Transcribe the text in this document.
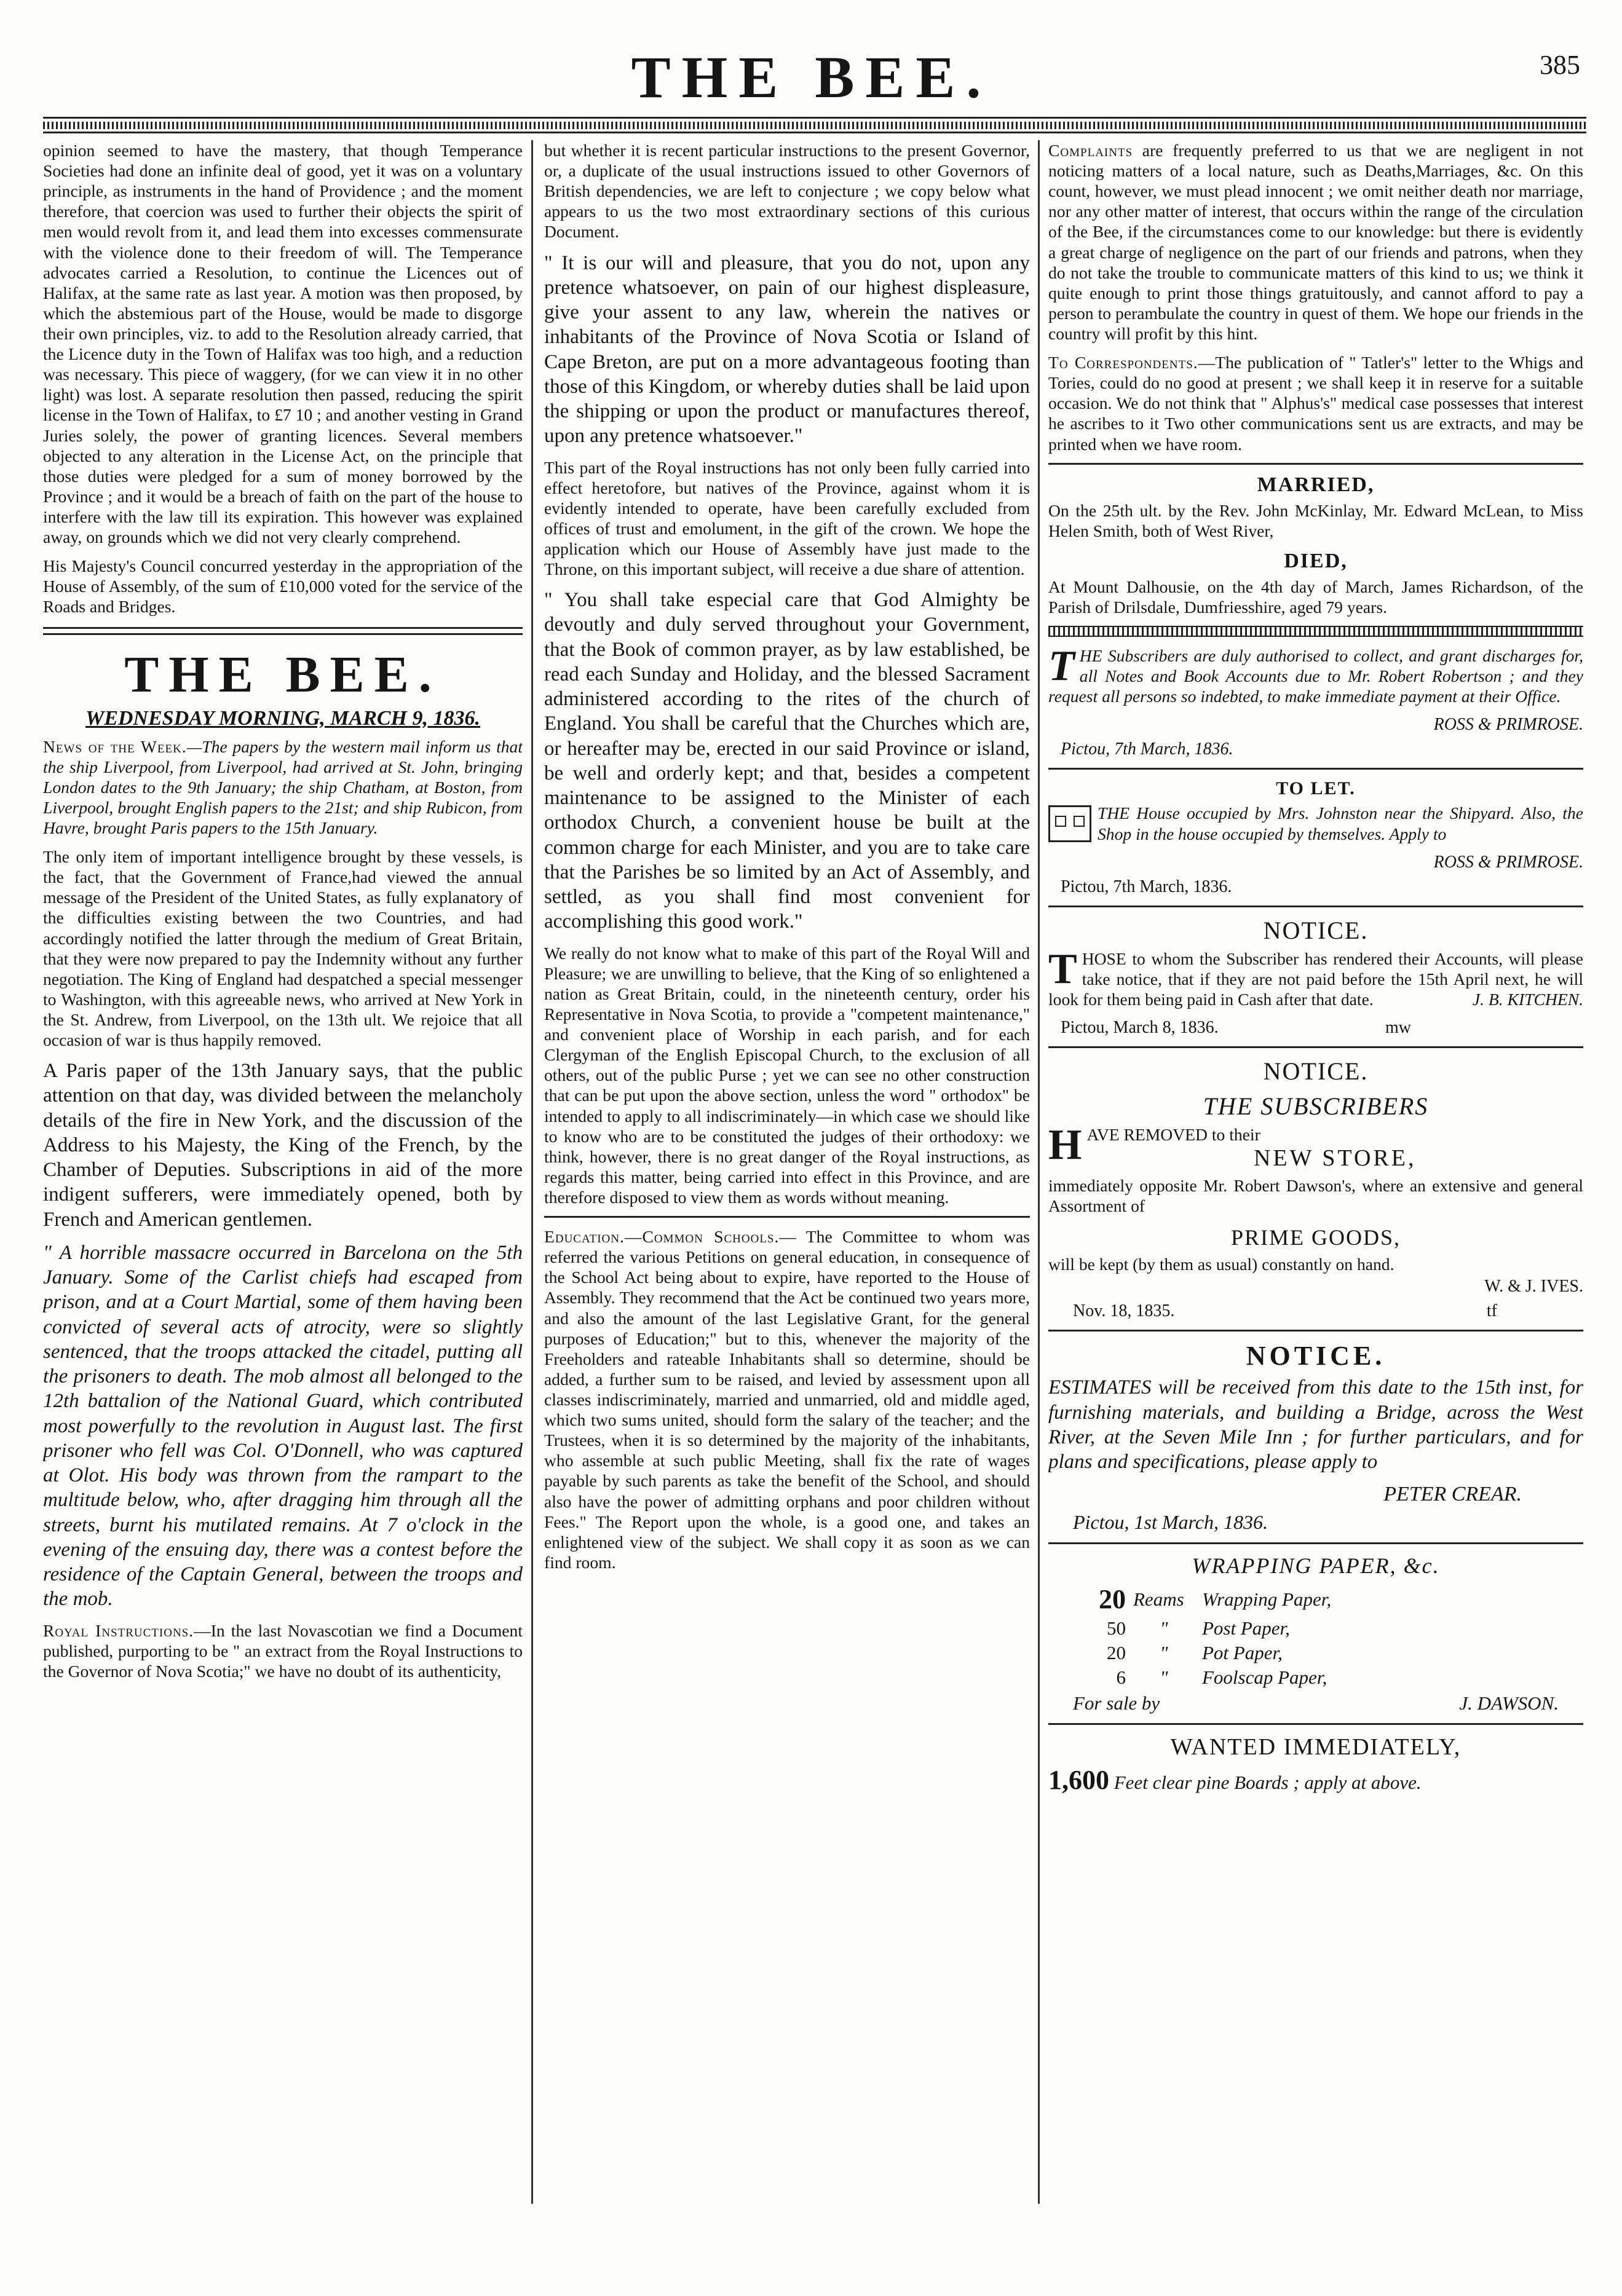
THE BEE.	385

opinion seemed to have the mastery, that though Temperance Societies had done an infinite deal of good, yet it was on a voluntary principle, as instruments in the hand of Providence ; and the moment therefore, that coercion was used to further their objects the spirit of men would revolt from it, and lead them into excesses commensurate with the violence done to their freedom of will. The Temperance advocates carried a Resolution, to continue the Licences out of Halifax, at the same rate as last year. A motion was then proposed, by which the abstemious part of the House, would be made to disgorge their own principles, viz. to add to the Resolution already carried, that the Licence duty in the Town of Halifax was too high, and a reduction was necessary. This piece of waggery, (for we can view it in no other light) was lost. A separate resolution then passed, reducing the spirit license in the Town of Halifax, to £7 10 ; and another vesting in Grand Juries solely, the power of granting licences. Several members objected to any alteration in the License Act, on the principle that those duties were pledged for a sum of money borrowed by the Province ; and it would be a breach of faith on the part of the house to interfere with the law till its expiration. This however was explained away, on grounds which we did not very clearly comprehend.

His Majesty's Council concurred yesterday in the appropriation of the House of Assembly, of the sum of £10,000 voted for the service of the Roads and Bridges.

THE BEE.
WEDNESDAY MORNING, MARCH 9, 1836.

News of the Week.—The papers by the western mail inform us that the ship Liverpool, from Liverpool, had arrived at St. John, bringing London dates to the 9th January; the ship Chatham, at Boston, from Liverpool, brought English papers to the 21st; and ship Rubicon, from Havre, brought Paris papers to the 15th January.

The only item of important intelligence brought by these vessels, is the fact, that the Government of France,had viewed the annual message of the President of the United States, as fully explanatory of the difficulties existing between the two Countries, and had accordingly notified the latter through the medium of Great Britain, that they were now prepared to pay the Indemnity without any further negotiation. The King of England had despatched a special messenger to Washington, with this agreeable news, who arrived at New York in the St. Andrew, from Liverpool, on the 13th ult. We rejoice that all occasion of war is thus happily removed.

A Paris paper of the 13th January says, that the public attention on that day, was divided between the melancholy details of the fire in New York, and the discussion of the Address to his Majesty, the King of the French, by the Chamber of Deputies. Subscriptions in aid of the more indigent sufferers, were immediately opened, both by French and American gentlemen.

" A horrible massacre occurred in Barcelona on the 5th January. Some of the Carlist chiefs had escaped from prison, and at a Court Martial, some of them having been convicted of several acts of atrocity, were so slightly sentenced, that the troops attacked the citadel, putting all the prisoners to death. The mob almost all belonged to the 12th battalion of the National Guard, which contributed most powerfully to the revolution in August last. The first prisoner who fell was Col. O'Donnell, who was captured at Olot. His body was thrown from the rampart to the multitude below, who, after dragging him through all the streets, burnt his mutilated remains. At 7 o'clock in the evening of the ensuing day, there was a contest before the residence of the Captain General, between the troops and the mob.

Royal Instructions.—In the last Novascotian we find a Document published, purporting to be " an extract from the Royal Instructions to the Governor of Nova Scotia;" we have no doubt of its authenticity,

but whether it is recent particular instructions to the present Governor, or, a duplicate of the usual instructions issued to other Governors of British dependencies, we are left to conjecture ; we copy below what appears to us the two most extraordinary sections of this curious Document.

" It is our will and pleasure, that you do not, upon any pretence whatsoever, on pain of our highest displeasure, give your assent to any law, wherein the natives or inhabitants of the Province of Nova Scotia or Island of Cape Breton, are put on a more advantageous footing than those of this Kingdom, or whereby duties shall be laid upon the shipping or upon the product or manufactures thereof, upon any pretence whatsoever."

This part of the Royal instructions has not only been fully carried into effect heretofore, but natives of the Province, against whom it is evidently intended to operate, have been carefully excluded from offices of trust and emolument, in the gift of the crown. We hope the application which our House of Assembly have just made to the Throne, on this important subject, will receive a due share of attention.

" You shall take especial care that God Almighty be devoutly and duly served throughout your Government, that the Book of common prayer, as by law established, be read each Sunday and Holiday, and the blessed Sacrament administered according to the rites of the church of England. You shall be careful that the Churches which are, or hereafter may be, erected in our said Province or island, be well and orderly kept; and that, besides a competent maintenance to be assigned to the Minister of each orthodox Church, a convenient house be built at the common charge for each Minister, and you are to take care that the Parishes be so limited by an Act of Assembly, and settled, as you shall find most convenient for accomplishing this good work."

We really do not know what to make of this part of the Royal Will and Pleasure; we are unwilling to believe, that the King of so enlightened a nation as Great Britain, could, in the nineteenth century, order his Representative in Nova Scotia, to provide a "competent maintenance," and convenient place of Worship in each parish, and for each Clergyman of the English Episcopal Church, to the exclusion of all others, out of the public Purse ; yet we can see no other construction that can be put upon the above section, unless the word " orthodox" be intended to apply to all indiscriminately—in which case we should like to know who are to be constituted the judges of their orthodoxy: we think, however, there is no great danger of the Royal instructions, as regards this matter, being carried into effect in this Province, and are therefore disposed to view them as words without meaning.

Education.—Common Schools.— The Committee to whom was referred the various Petitions on general education, in consequence of the School Act being about to expire, have reported to the House of Assembly. They recommend that the Act be continued two years more, and also the amount of the last Legislative Grant, for the general purposes of Education;" but to this, whenever the majority of the Freeholders and rateable Inhabitants shall so determine, should be added, a further sum to be raised, and levied by assessment upon all classes indiscriminately, married and unmarried, old and middle aged, which two sums united, should form the salary of the teacher; and the Trustees, when it is so determined by the majority of the inhabitants, who assemble at such public Meeting, shall fix the rate of wages payable by such parents as take the benefit of the School, and should also have the power of admitting orphans and poor children without Fees." The Report upon the whole, is a good one, and takes an enlightened view of the subject. We shall copy it as soon as we can find room.

Complaints are frequently preferred to us that we are negligent in not noticing matters of a local nature, such as Deaths,Marriages, &c. On this count, however, we must plead innocent ; we omit neither death nor marriage, nor any other matter of interest, that occurs within the range of the circulation of the Bee, if the circumstances come to our knowledge: but there is evidently a great charge of negligence on the part of our friends and patrons, when they do not take the trouble to communicate matters of this kind to us; we think it quite enough to print those things gratuitously, and cannot afford to pay a person to perambulate the country in quest of them. We hope our friends in the country will profit by this hint.

To Correspondents.—The publication of " Tatler's" letter to the Whigs and Tories, could do no good at present ; we shall keep it in reserve for a suitable occasion. We do not think that " Alphus's" medical case possesses that interest he ascribes to it Two other communications sent us are extracts, and may be printed when we have room.

MARRIED,

On the 25th ult. by the Rev. John McKinlay, Mr. Edward McLean, to Miss Helen Smith, both of West River,

DIED,

At Mount Dalhousie, on the 4th day of March, James Richardson, of the Parish of Drilsdale, Dumfriesshire, aged 79 years.

THE Subscribers are duly authorised to collect, and grant discharges for, all Notes and Book Accounts due to Mr. Robert Robertson ; and they request all persons so indebted, to make immediate payment at their Office.

ROSS & PRIMROSE.
Pictou, 7th March, 1836.
TO LET.

THE House occupied by Mrs. Johnston near the Shipyard. Also, the Shop in the house occupied by themselves. Apply to

ROSS & PRIMROSE.
Pictou, 7th March, 1836.
NOTICE.

THOSE to whom the Subscriber has rendered their Accounts, will please take notice, that if they are not paid before the 15th April next, he will look for them being paid in Cash after that date.	J. B. KITCHEN.

Pictou, March 8, 1836.	mw
NOTICE.
THE SUBSCRIBERS

HAVE REMOVED to their

NEW STORE,

immediately opposite Mr. Robert Dawson's, where an extensive and general Assortment of

PRIME GOODS,

will be kept (by them as usual) constantly on hand.

W. & J. IVES.
Nov. 18, 1835.	tf
NOTICE.

ESTIMATES will be received from this date to the 15th inst, for furnishing materials, and building a Bridge, across the West River, at the Seven Mile Inn ; for further particulars, and for plans and specifications, please apply to

PETER CREAR.
Pictou, 1st March, 1836.
WRAPPING PAPER, &c.
20	Reams	Wrapping Paper,
50	"	Post Paper,
20	"	Pot Paper,
6	"	Foolscap Paper,
For sale by	J. DAWSON.
WANTED IMMEDIATELY,

1,600 Feet clear pine Boards ; apply at above.
